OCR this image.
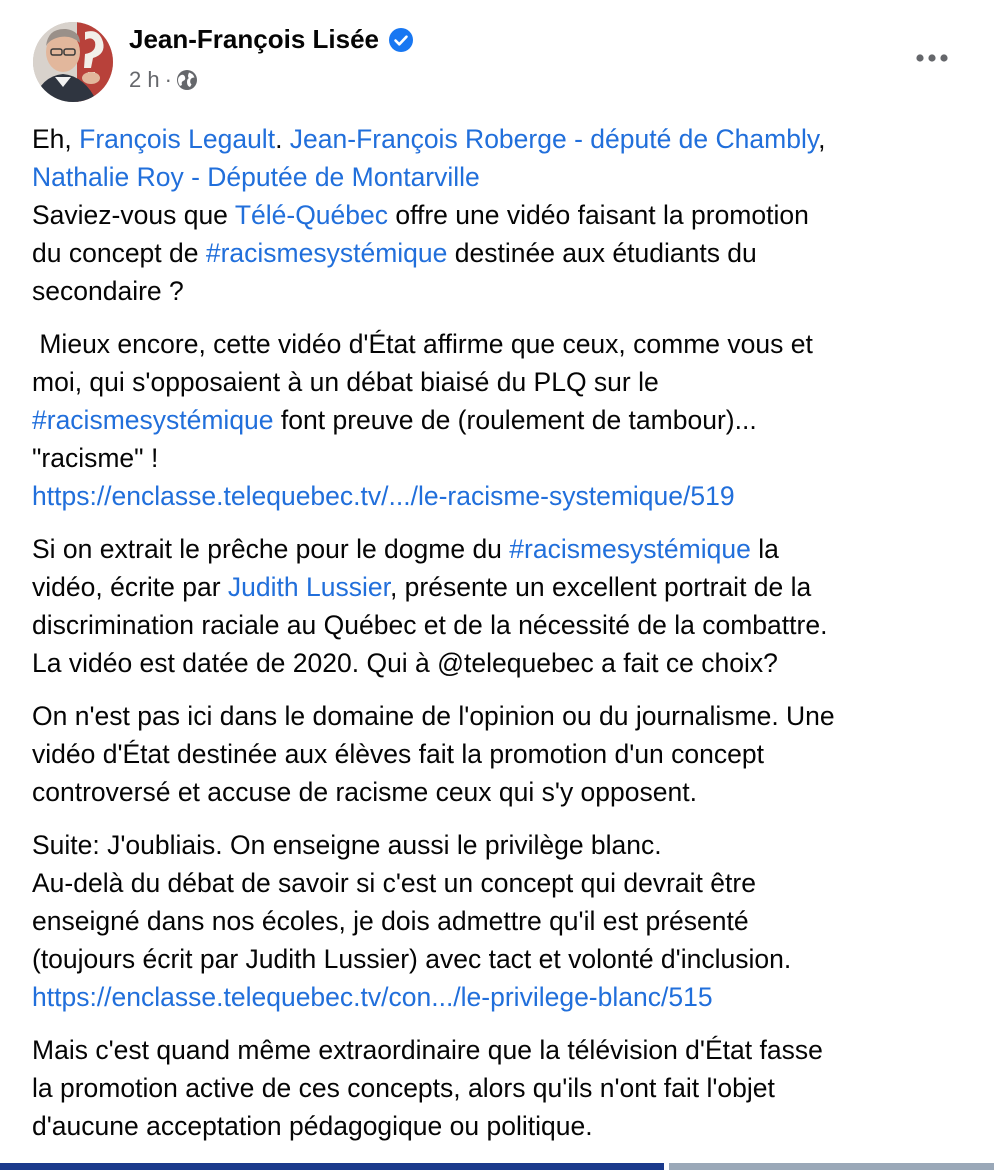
Jean-François Lisée
2 h ·

Eh, François Legault. Jean-François Roberge - député de Chambly,
Nathalie Roy - Députée de Montarville
Saviez-vous que Télé-Québec offre une vidéo faisant la promotion
du concept de #racismesystémique destinée aux étudiants du
secondaire ?

Mieux encore, cette vidéo d'État affirme que ceux, comme vous et
moi, qui s'opposaient à un débat biaisé du PLQ sur le
#racismesystémique font preuve de (roulement de tambour)...
"racisme" !
https://enclasse.telequebec.tv/.../le-racisme-systemique/519

Si on extrait le prêche pour le dogme du #racismesystémique la
vidéo, écrite par Judith Lussier, présente un excellent portrait de la
discrimination raciale au Québec et de la nécessité de la combattre.
La vidéo est datée de 2020. Qui à @telequebec a fait ce choix?

On n'est pas ici dans le domaine de l'opinion ou du journalisme. Une
vidéo d'État destinée aux élèves fait la promotion d'un concept
controversé et accuse de racisme ceux qui s'y opposent.

Suite: J'oubliais. On enseigne aussi le privilège blanc.
Au-delà du débat de savoir si c'est un concept qui devrait être
enseigné dans nos écoles, je dois admettre qu'il est présenté
(toujours écrit par Judith Lussier) avec tact et volonté d'inclusion.
https://enclasse.telequebec.tv/con.../le-privilege-blanc/515

Mais c'est quand même extraordinaire que la télévision d'État fasse
la promotion active de ces concepts, alors qu'ils n'ont fait l'objet
d'aucune acceptation pédagogique ou politique.
